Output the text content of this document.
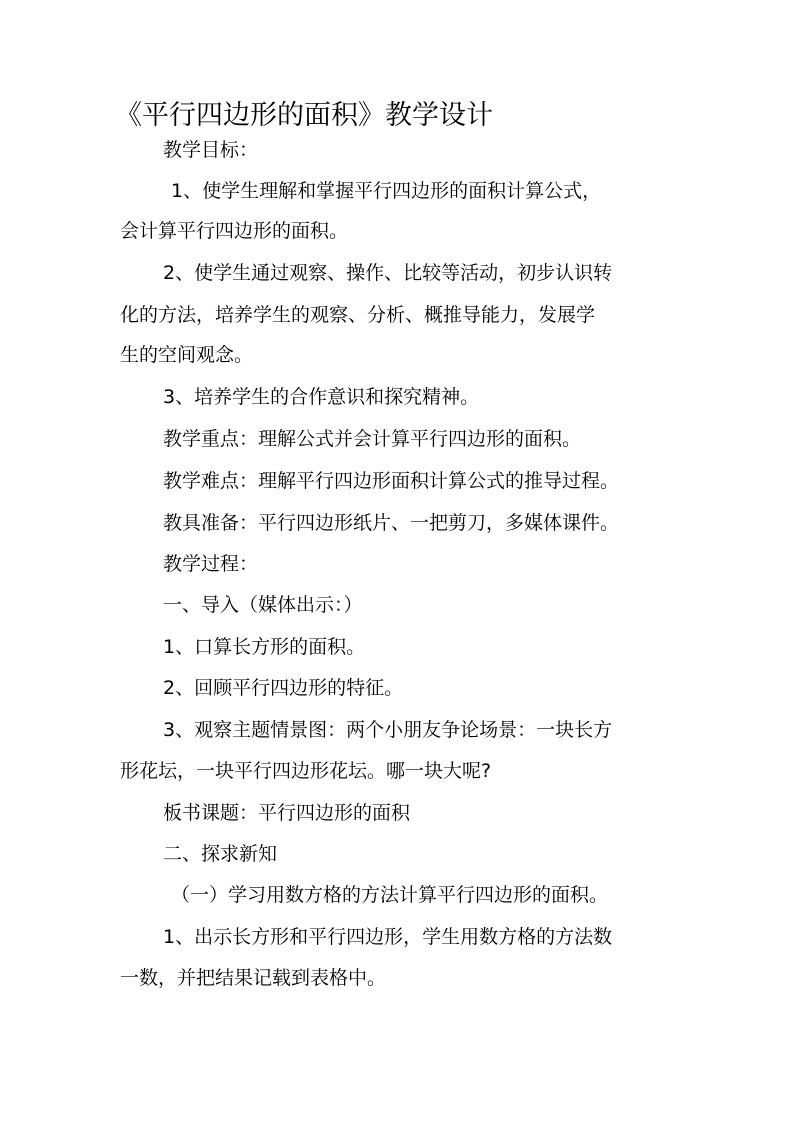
《平行四边形的面积》教学设计
教学目标：
1、使学生理解和掌握平行四边形的面积计算公式，
会计算平行四边形的面积。
2、使学生通过观察、操作、比较等活动，初步认识转
化的方法，培养学生的观察、分析、概推导能力，发展学
生的空间观念。
3、培养学生的合作意识和探究精神。
教学重点：理解公式并会计算平行四边形的面积。
教学难点：理解平行四边形面积计算公式的推导过程。
教具准备：平行四边形纸片、一把剪刀，多媒体课件。
教学过程：
一、导入（媒体出示：）
1、口算长方形的面积。
2、回顾平行四边形的特征。
3、观察主题情景图：两个小朋友争论场景：一块长方
形花坛，一块平行四边形花坛。哪一块大呢?
板书课题：平行四边形的面积
二、探求新知
（一）学习用数方格的方法计算平行四边形的面积。
1、出示长方形和平行四边形，学生用数方格的方法数
一数，并把结果记载到表格中。
